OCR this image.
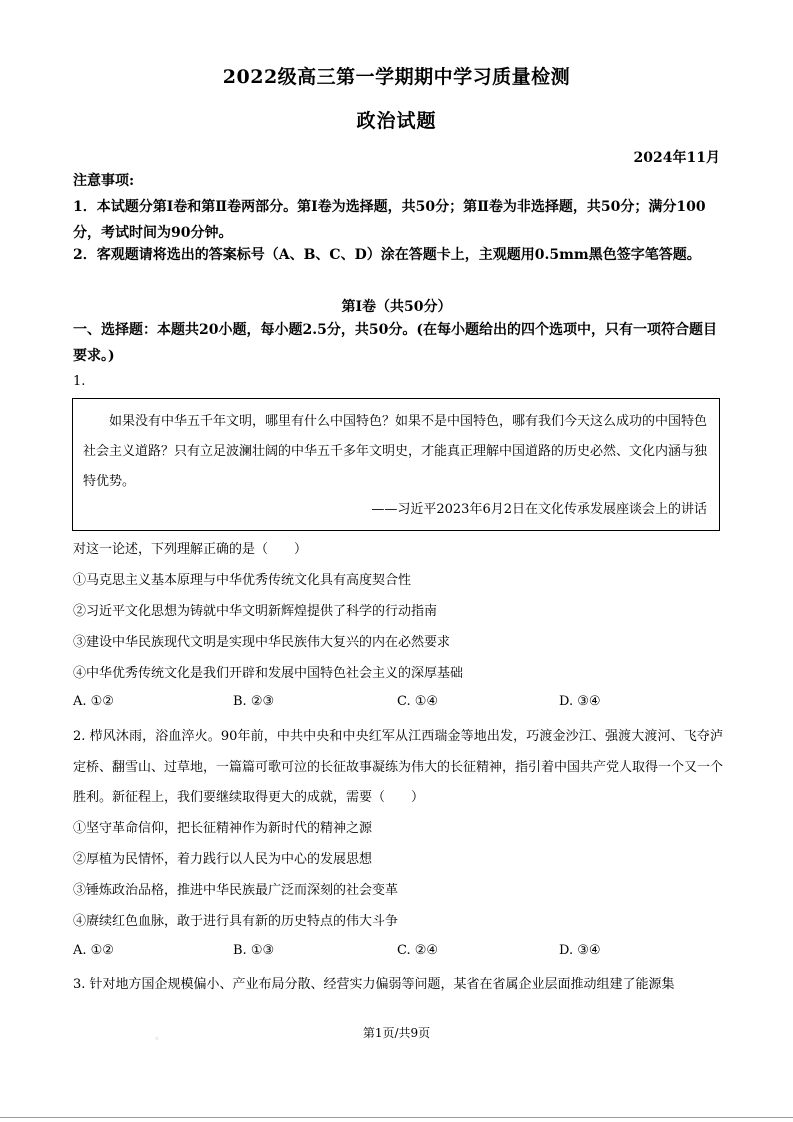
2022级高三第一学期期中学习质量检测
政治试题
2024年11月
注意事项:
1．本试题分第Ⅰ卷和第Ⅱ卷两部分。第Ⅰ卷为选择题，共50分；第Ⅱ卷为非选择题，共50分；满分100分，考试时间为90分钟。
2．客观题请将选出的答案标号（A、B、C、D）涂在答题卡上，主观题用0.5mm黑色签字笔答题。
第Ⅰ卷（共50分）
一、选择题：本题共20小题，每小题2.5分，共50分。(在每小题给出的四个选项中，只有一项符合题目要求。)
1.
如果没有中华五千年文明，哪里有什么中国特色？如果不是中国特色，哪有我们今天这么成功的中国特色社会主义道路？只有立足波澜壮阔的中华五千多年文明史，才能真正理解中国道路的历史必然、文化内涵与独特优势。
——习近平2023年6月2日在文化传承发展座谈会上的讲话
对这一论述，下列理解正确的是（　　）
①马克思主义基本原理与中华优秀传统文化具有高度契合性
②习近平文化思想为铸就中华文明新辉煌提供了科学的行动指南
③建设中华民族现代文明是实现中华民族伟大复兴的内在必然要求
④中华优秀传统文化是我们开辟和发展中国特色社会主义的深厚基础
A. ①②	B. ②③	C. ①④	D. ③④
2. 栉风沐雨，浴血淬火。90年前，中共中央和中央红军从江西瑞金等地出发，巧渡金沙江、强渡大渡河、飞夺泸定桥、翻雪山、过草地，一篇篇可歌可泣的长征故事凝练为伟大的长征精神，指引着中国共产党人取得一个又一个胜利。新征程上，我们要继续取得更大的成就，需要（　　）
①坚守革命信仰，把长征精神作为新时代的精神之源
②厚植为民情怀，着力践行以人民为中心的发展思想
③锤炼政治品格，推进中华民族最广泛而深刻的社会变革
④赓续红色血脉，敢于进行具有新的历史特点的伟大斗争
A. ①②	B. ①③	C. ②④	D. ③④
3. 针对地方国企规模偏小、产业布局分散、经营实力偏弱等问题，某省在省属企业层面推动组建了能源集
。	第1页/共9页
